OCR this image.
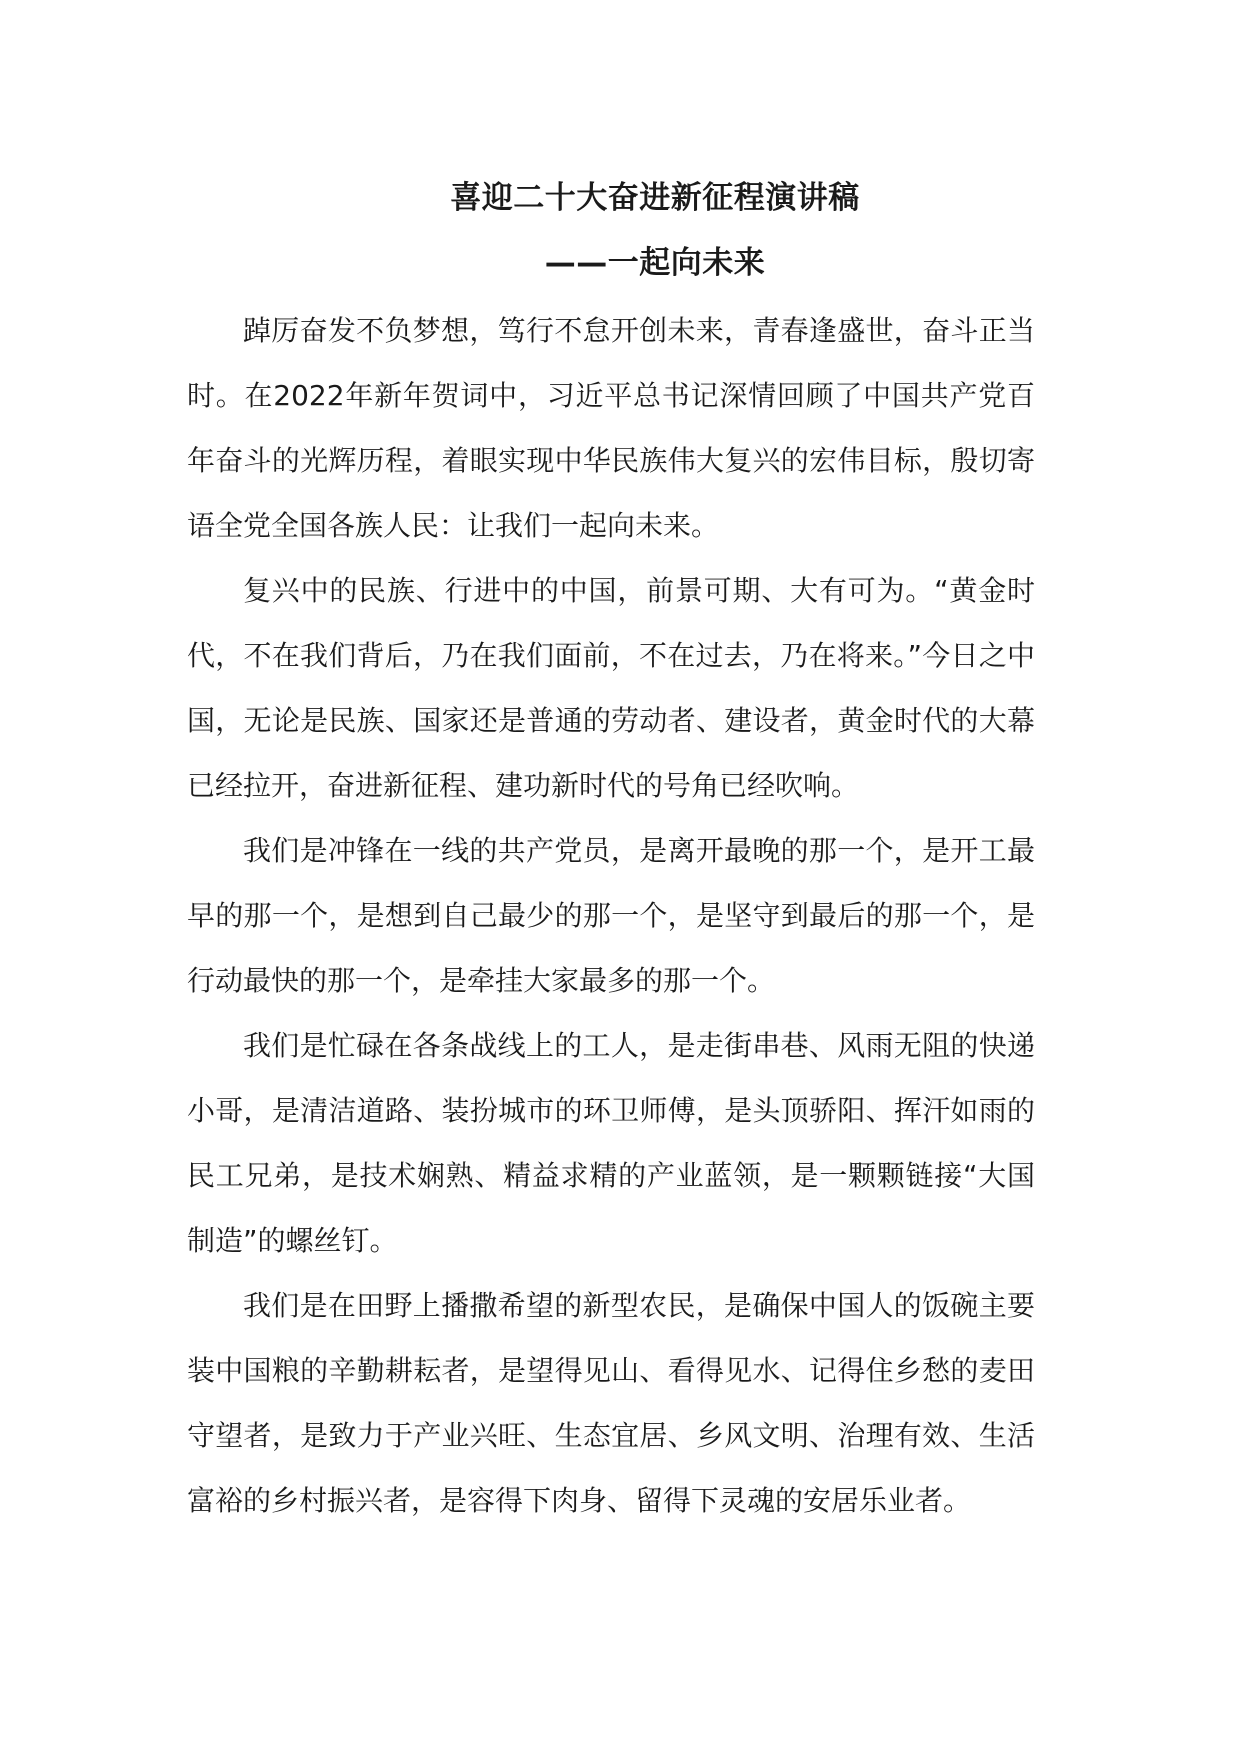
喜迎二十大奋进新征程演讲稿
——一起向未来

踔厉奋发不负梦想，笃行不怠开创未来，青春逢盛世，奋斗正当时。在2022年新年贺词中，习近平总书记深情回顾了中国共产党百年奋斗的光辉历程，着眼实现中华民族伟大复兴的宏伟目标，殷切寄语全党全国各族人民：让我们一起向未来。

复兴中的民族、行进中的中国，前景可期、大有可为。“黄金时代，不在我们背后，乃在我们面前，不在过去，乃在将来。”今日之中国，无论是民族、国家还是普通的劳动者、建设者，黄金时代的大幕已经拉开，奋进新征程、建功新时代的号角已经吹响。

我们是冲锋在一线的共产党员，是离开最晚的那一个，是开工最早的那一个，是想到自己最少的那一个，是坚守到最后的那一个，是行动最快的那一个，是牵挂大家最多的那一个。

我们是忙碌在各条战线上的工人，是走街串巷、风雨无阻的快递小哥，是清洁道路、装扮城市的环卫师傅，是头顶骄阳、挥汗如雨的民工兄弟，是技术娴熟、精益求精的产业蓝领，是一颗颗链接“大国制造”的螺丝钉。

我们是在田野上播撒希望的新型农民，是确保中国人的饭碗主要装中国粮的辛勤耕耘者，是望得见山、看得见水、记得住乡愁的麦田守望者，是致力于产业兴旺、生态宜居、乡风文明、治理有效、生活富裕的乡村振兴者，是容得下肉身、留得下灵魂的安居乐业者。
